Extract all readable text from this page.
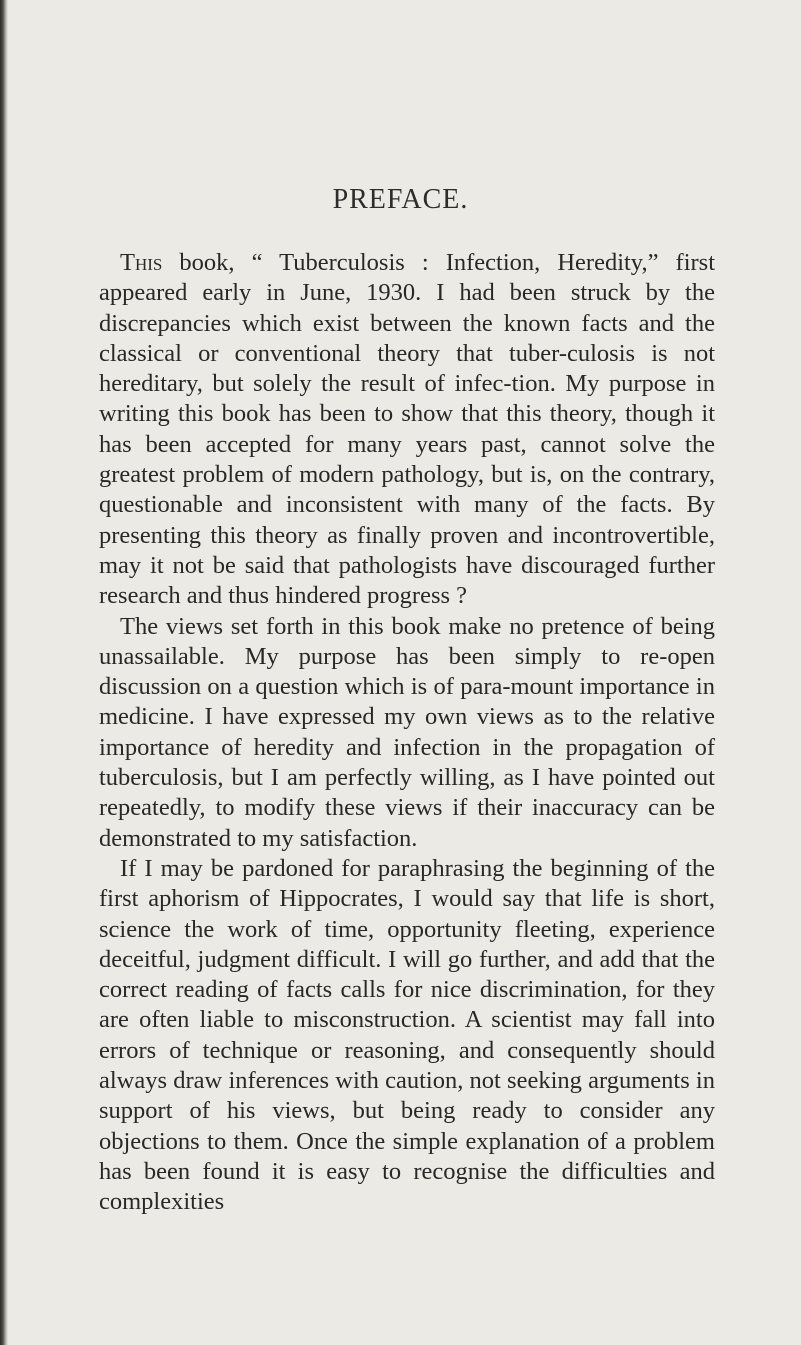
PREFACE.

This book, “ Tuberculosis : Infection, Heredity,” first appeared early in June, 1930. I had been struck by the discrepancies which exist between the known facts and the classical or conventional theory that tuber-culosis is not hereditary, but solely the result of infec-tion. My purpose in writing this book has been to show that this theory, though it has been accepted for many years past, cannot solve the greatest problem of modern pathology, but is, on the contrary, questionable and inconsistent with many of the facts. By presenting this theory as finally proven and incontrovertible, may it not be said that pathologists have discouraged further research and thus hindered progress ?

The views set forth in this book make no pretence of being unassailable. My purpose has been simply to re-open discussion on a question which is of para-mount importance in medicine. I have expressed my own views as to the relative importance of heredity and infection in the propagation of tuberculosis, but I am perfectly willing, as I have pointed out repeatedly, to modify these views if their inaccuracy can be demonstrated to my satisfaction.

If I may be pardoned for paraphrasing the beginning of the first aphorism of Hippocrates, I would say that life is short, science the work of time, opportunity fleeting, experience deceitful, judgment difficult. I will go further, and add that the correct reading of facts calls for nice discrimination, for they are often liable to misconstruction. A scientist may fall into errors of technique or reasoning, and consequently should always draw inferences with caution, not seeking arguments in support of his views, but being ready to consider any objections to them. Once the simple explanation of a problem has been found it is easy to recognise the difficulties and complexities
